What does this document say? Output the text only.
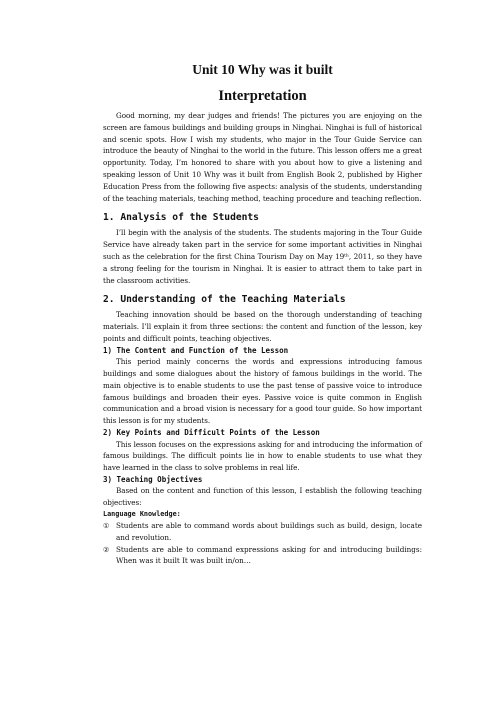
Unit 10 Why was it built
Interpretation

Good morning, my dear judges and friends! The pictures you are enjoying on the screen are famous buildings and building groups in Ninghai. Ninghai is full of historical and scenic spots. How I wish my students, who major in the Tour Guide Service can introduce the beauty of Ninghai to the world in the future. This lesson offers me a great opportunity. Today, I’m honored to share with you about how to give a listening and speaking lesson of Unit 10 Why was it built from English Book 2, published by Higher Education Press from the following five aspects: analysis of the students, understanding of the teaching materials, teaching method, teaching procedure and teaching reflection.

1. Analysis of the Students

I’ll begin with the analysis of the students. The students majoring in the Tour Guide Service have already taken part in the service for some important activities in Ninghai such as the celebration for the first China Tourism Day on May 19ᵗʰ, 2011, so they have a strong feeling for the tourism in Ninghai. It is easier to attract them to take part in the classroom activities.

2. Understanding of the Teaching Materials

Teaching innovation should be based on the thorough understanding of teaching materials. I’ll explain it from three sections: the content and function of the lesson, key points and difficult points, teaching objectives.

1) The Content and Function of the Lesson

This period mainly concerns the words and expressions introducing famous buildings and some dialogues about the history of famous buildings in the world. The main objective is to enable students to use the past tense of passive voice to introduce famous buildings and broaden their eyes. Passive voice is quite common in English communication and a broad vision is necessary for a good tour guide. So how important this lesson is for my students.

2) Key Points and Difficult Points of the Lesson

This lesson focuses on the expressions asking for and introducing the information of famous buildings. The difficult points lie in how to enable students to use what they have learned in the class to solve problems in real life.

3) Teaching Objectives

Based on the content and function of this lesson, I establish the following teaching objectives:

Language Knowledge:
① Students are able to command words about buildings such as build, design, locate and revolution.
② Students are able to command expressions asking for and introducing buildings: When was it built It was built in/on…
